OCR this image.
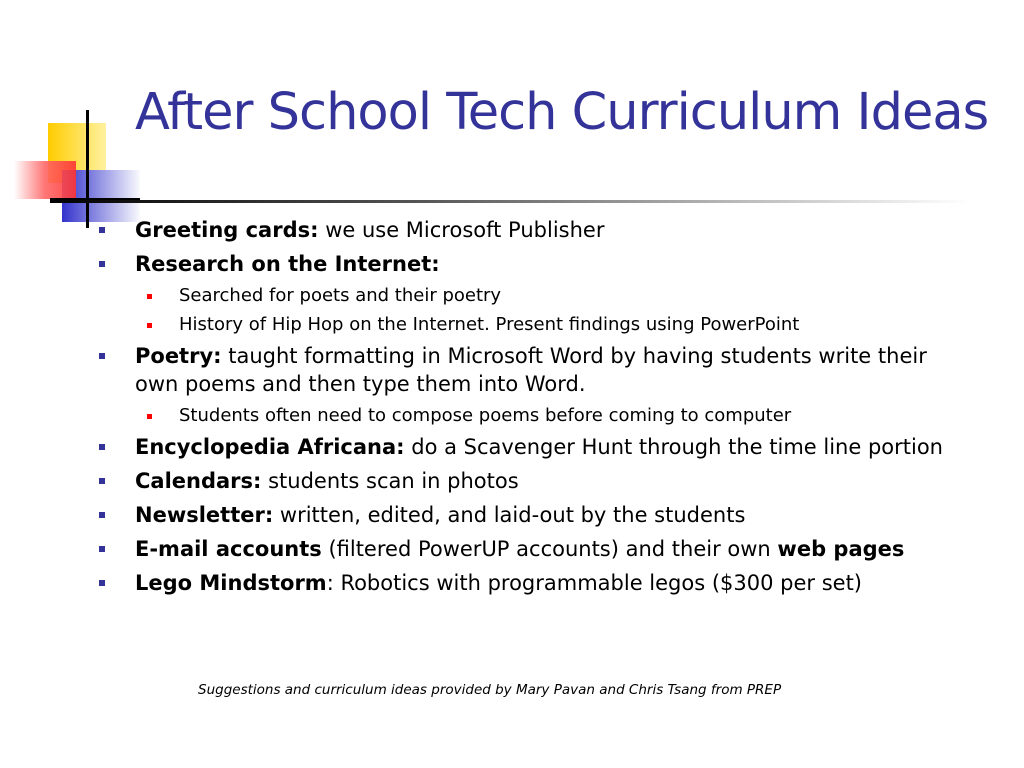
After School Tech Curriculum Ideas
Greeting cards: we use Microsoft Publisher
Research on the Internet:
Searched for poets and their poetry
History of Hip Hop on the Internet. Present findings using PowerPoint
Poetry: taught formatting in Microsoft Word by having students write their own poems and then type them into Word.
Students often need to compose poems before coming to computer
Encyclopedia Africana: do a Scavenger Hunt through the time line portion
Calendars: students scan in photos
Newsletter: written, edited, and laid-out by the students
E-mail accounts (filtered PowerUP accounts) and their own web pages
Lego Mindstorm: Robotics with programmable legos ($300 per set)
Suggestions and curriculum ideas provided by Mary Pavan and Chris Tsang from PREP
